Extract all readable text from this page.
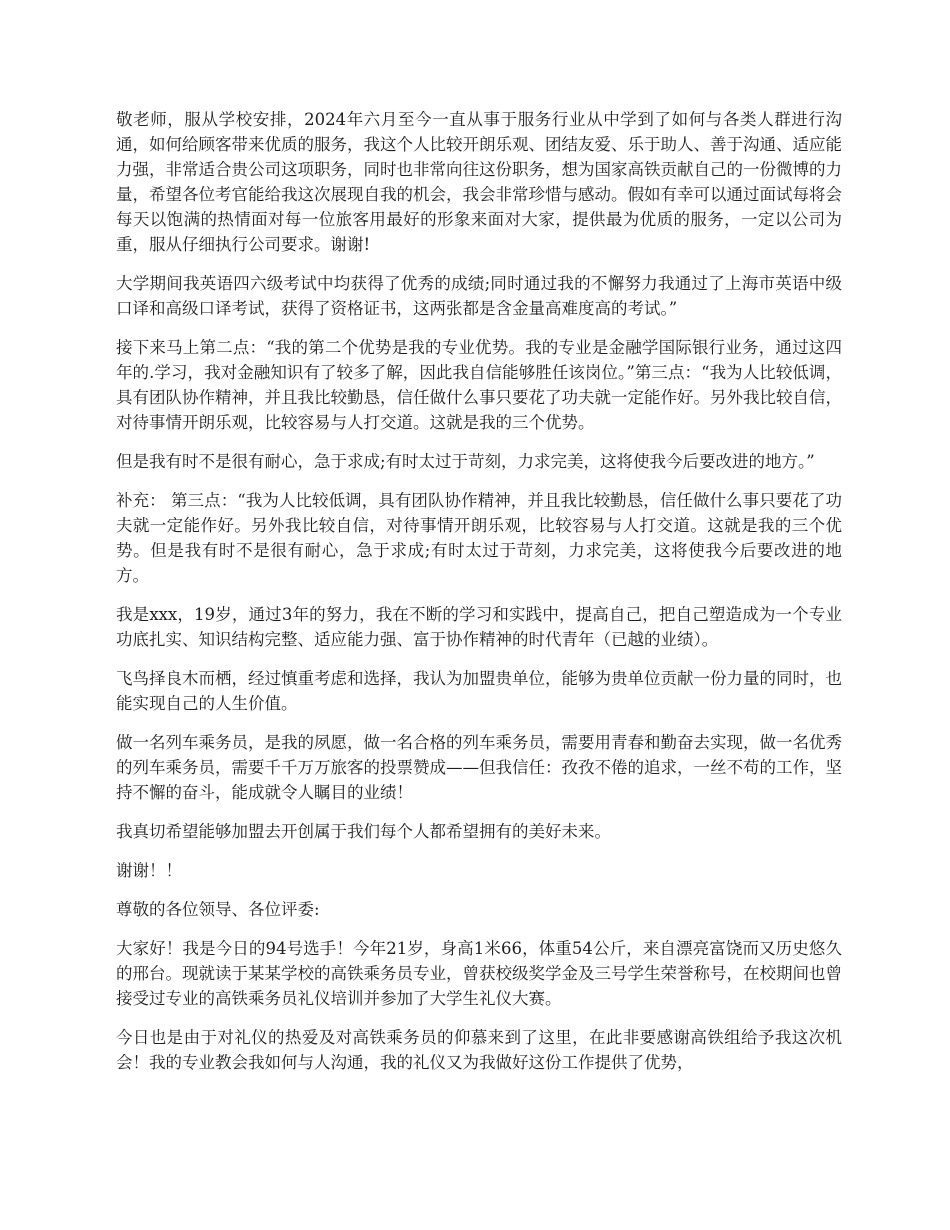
敬老师，服从学校安排，2024年六月至今一直从事于服务行业从中学到了如何与各类人群进行沟通，如何给顾客带来优质的服务，我这个人比较开朗乐观、团结友爱、乐于助人、善于沟通、适应能力强，非常适合贵公司这项职务，同时也非常向往这份职务，想为国家高铁贡献自己的一份微博的力量，希望各位考官能给我这次展现自我的机会，我会非常珍惜与感动。假如有幸可以通过面试每将会每天以饱满的热情面对每一位旅客用最好的形象来面对大家，提供最为优质的服务，一定以公司为重，服从仔细执行公司要求。谢谢!

大学期间我英语四六级考试中均获得了优秀的成绩;同时通过我的不懈努力我通过了上海市英语中级口译和高级口译考试，获得了资格证书，这两张都是含金量高难度高的考试。”

接下来马上第二点：“我的第二个优势是我的专业优势。我的专业是金融学国际银行业务，通过这四年的.学习，我对金融知识有了较多了解，因此我自信能够胜任该岗位。”第三点：“我为人比较低调，具有团队协作精神，并且我比较勤恳，信任做什么事只要花了功夫就一定能作好。另外我比较自信，对待事情开朗乐观，比较容易与人打交道。这就是我的三个优势。

但是我有时不是很有耐心，急于求成;有时太过于苛刻，力求完美，这将使我今后要改进的地方。”

补充： 第三点：“我为人比较低调，具有团队协作精神，并且我比较勤恳，信任做什么事只要花了功夫就一定能作好。另外我比较自信，对待事情开朗乐观，比较容易与人打交道。这就是我的三个优势。但是我有时不是很有耐心，急于求成;有时太过于苛刻，力求完美，这将使我今后要改进的地方。

我是xxx，19岁，通过3年的努力，我在不断的学习和实践中，提高自己，把自己塑造成为一个专业功底扎实、知识结构完整、适应能力强、富于协作精神的时代青年（已越的业绩）。

飞鸟择良木而栖，经过慎重考虑和选择，我认为加盟贵单位，能够为贵单位贡献一份力量的同时，也能实现自己的人生价值。

做一名列车乘务员，是我的夙愿，做一名合格的列车乘务员，需要用青春和勤奋去实现，做一名优秀的列车乘务员，需要千千万万旅客的投票赞成——但我信任：孜孜不倦的追求，一丝不苟的工作，坚持不懈的奋斗，能成就令人瞩目的业绩！

我真切希望能够加盟去开创属于我们每个人都希望拥有的美好未来。

谢谢！！

尊敬的各位领导、各位评委:

大家好！我是今日的94号选手！今年21岁，身高1米66，体重54公斤，来自漂亮富饶而又历史悠久的邢台。现就读于某某学校的高铁乘务员专业，曾获校级奖学金及三号学生荣誉称号，在校期间也曾接受过专业的高铁乘务员礼仪培训并参加了大学生礼仪大赛。

今日也是由于对礼仪的热爱及对高铁乘务员的仰慕来到了这里，在此非要感谢高铁组给予我这次机会！我的专业教会我如何与人沟通，我的礼仪又为我做好这份工作提供了优势，
